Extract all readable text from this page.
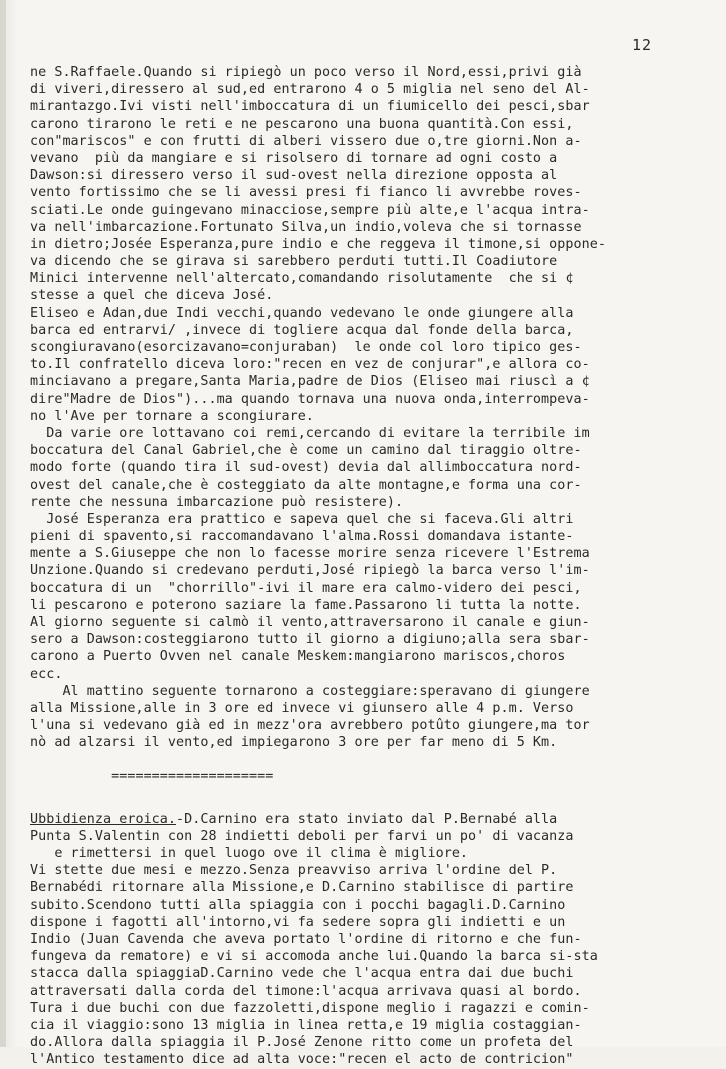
12
ne S.Raffaele.Quando si ripiegò un poco verso il Nord,essi,privi già
di viveri,diressero al sud,ed entrarono 4 o 5 miglia nel seno del Al-
mirantazgo.Ivi visti nell'imboccatura di un fiumicello dei pesci,sbar
carono tirarono le reti e ne pescarono una buona quantità.Con essi,
con"mariscos" e con frutti di alberi vissero due o,tre giorni.Non a-
vevano  più da mangiare e si risolsero di tornare ad ogni costo a
Dawson:si diressero verso il sud-ovest nella direzione opposta al
vento fortissimo che se li avessi presi fi fianco li avvrebbe roves-
sciati.Le onde guingevano minacciose,sempre più alte,e l'acqua intra-
va nell'imbarcazione.Fortunato Silva,un indio,voleva che si tornasse
in dietro;Josée Esperanza,pure indio e che reggeva il timone,si oppone-
va dicendo che se girava si sarebbero perduti tutti.Il Coadiutore
Minici intervenne nell'altercato,comandando risolutamente  che si ¢
stesse a quel che diceva José.
Eliseo e Adan,due Indi vecchi,quando vedevano le onde giungere alla
barca ed entrarvi/ ,invece di togliere acqua dal fonde della barca,
scongiuravano(esorcizavano=conjuraban)  le onde col loro tipico ges-
to.Il confratello diceva loro:"recen en vez de conjurar",e allora co-
minciavano a pregare,Santa Maria,padre de Dios (Eliseo mai riuscì a ¢
dire"Madre de Dios")...ma quando tornava una nuova onda,interrompeva-
no l'Ave per tornare a scongiurare.
Da varie ore lottavano coi remi,cercando di evitare la terribile im
boccatura del Canal Gabriel,che è come un camino dal tiraggio oltre-
modo forte (quando tira il sud-ovest) devia dal allimboccatura nord-
ovest del canale,che è costeggiato da alte montagne,e forma una cor-
rente che nessuna imbarcazione può resistere).
José Esperanza era prattico e sapeva quel che si faceva.Gli altri
pieni di spavento,si raccomandavano l'alma.Rossi domandava istante-
mente a S.Giuseppe che non lo facesse morire senza ricevere l'Estrema
Unzione.Quando si credevano perduti,José ripiegò la barca verso l'im-
boccatura di un  "chorrillo"-ivi il mare era calmo-videro dei pesci,
li pescarono e poterono saziare la fame.Passarono li tutta la notte.
Al giorno seguente si calmò il vento,attraversarono il canale e giun-
sero a Dawson:costeggiarono tutto il giorno a digiuno;alla sera sbar-
carono a Puerto Ovven nel canale Meskem:mangiarono mariscos,choros
ecc.
Al mattino seguente tornarono a costeggiare:speravano di giungere
alla Missione,alle in 3 ore ed invece vi giunsero alle 4 p.m. Verso
l'una si vedevano già ed in mezz'ora avrebbero potûto giungere,ma tor
nò ad alzarsi il vento,ed impiegarono 3 ore per far meno di 5 Km.
====================
Ubbidienza eroica.-D.Carnino era stato inviato dal P.Bernabé alla
Punta S.Valentin con 28 indietti deboli per farvi un po' di vacanza
e rimettersi in quel luogo ove il clima è migliore.
Vi stette due mesi e mezzo.Senza preavviso arriva l'ordine del P.
Bernabédi ritornare alla Missione,e D.Carnino stabilisce di partire
subito.Scendono tutti alla spiaggia con i pocchi bagagli.D.Carnino
dispone i fagotti all'intorno,vi fa sedere sopra gli indietti e un
Indio (Juan Cavenda che aveva portato l'ordine di ritorno e che fun-
fungeva da rematore) e vi si accomoda anche lui.Quando la barca si-sta
stacca dalla spiaggiaD.Carnino vede che l'acqua entra dai due buchi
attraversati dalla corda del timone:l'acqua arrivava quasi al bordo.
Tura i due buchi con due fazzoletti,dispone meglio i ragazzi e comin-
cia il viaggio:sono 13 miglia in linea retta,e 19 miglia costaggian-
do.Allora dalla spiaggia il P.José Zenone ritto come un profeta del
l'Antico testamento dice ad alta voce:"recen el acto de contricion"
